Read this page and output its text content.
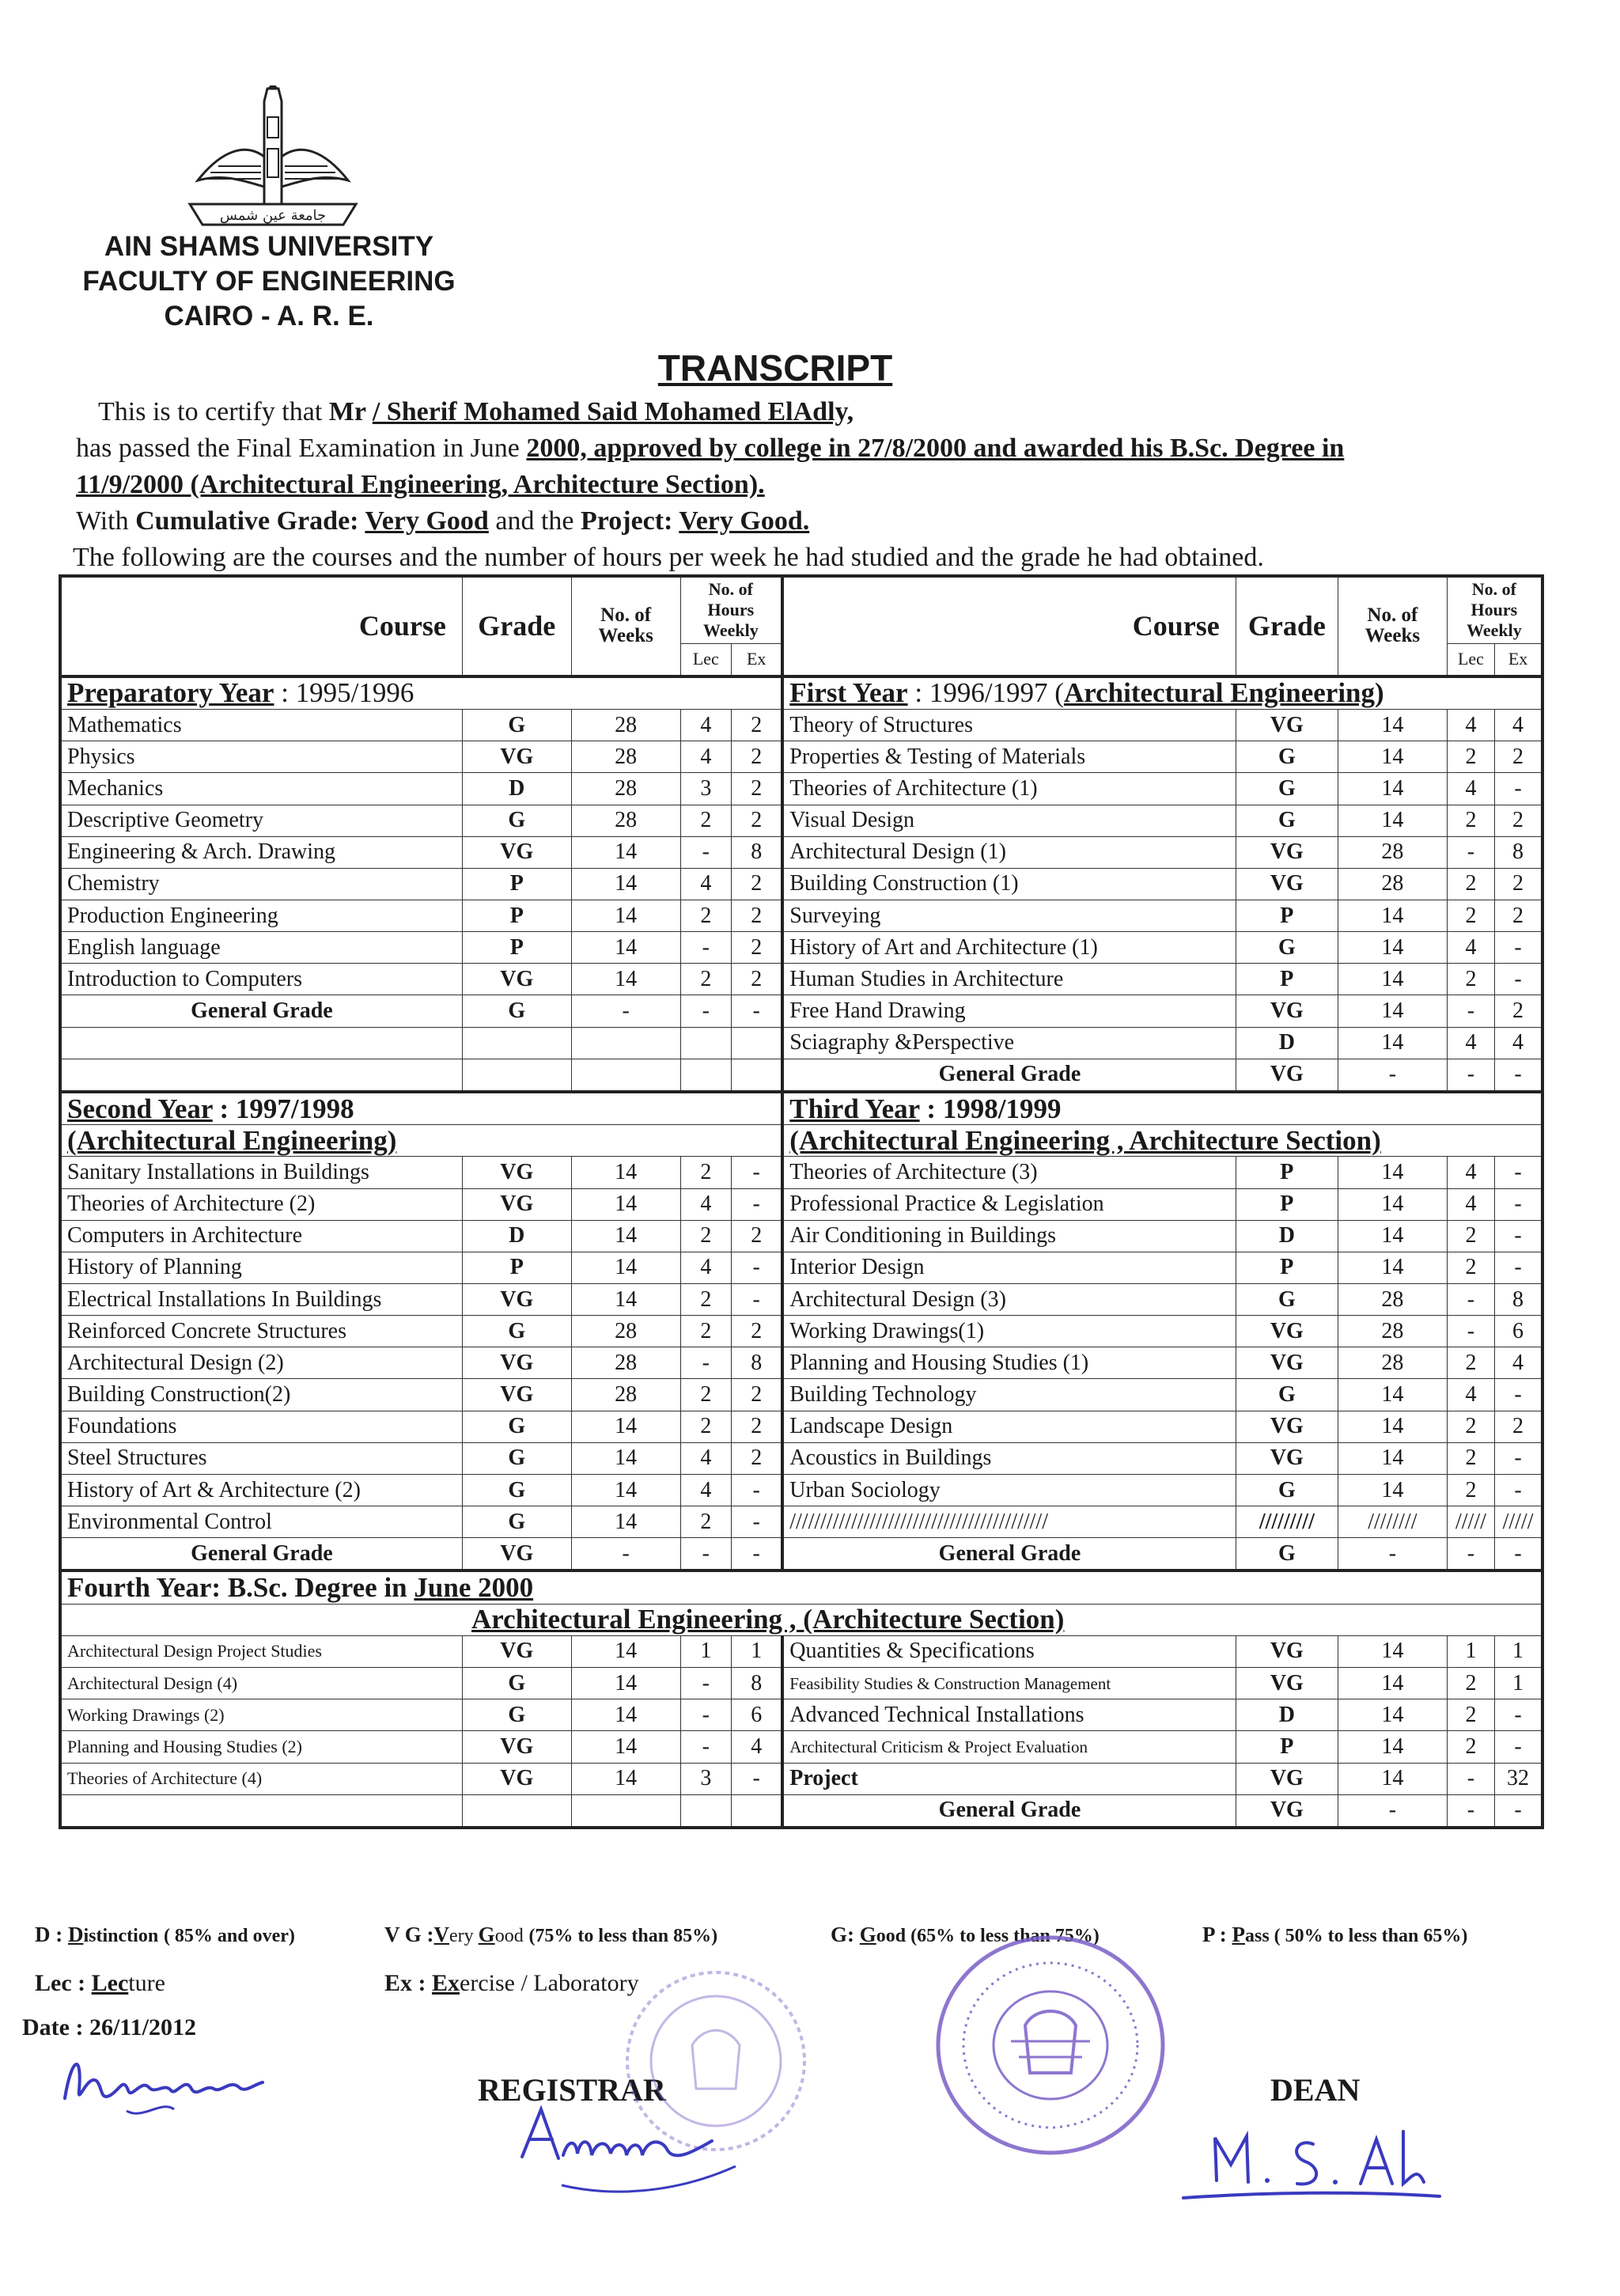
جامعة عين شمس
AIN SHAMS UNIVERSITY
FACULTY OF ENGINEERING
CAIRO - A. R. E.
TRANSCRIPT
This is to certify that Mr / Sherif Mohamed Said Mohamed ElAdly,
has passed the Final Examination in June 2000, approved by college in 27/8/2000 and awarded his B.Sc. Degree in
11/9/2000 (Architectural Engineering, Architecture Section).
With Cumulative Grade: Very Good and the Project: Very Good.
The following are the courses and the number of hours per week he had studied and the grade he had obtained.
Course	Grade	No. of Weeks	No. of Hours Weekly		Course	Grade	No. of Weeks	No. of Hours Weekly	
			Lec	Ex				Lec	Ex
Preparatory Year : 1995/1996					First Year : 1996/1997 (Architectural Engineering)				
Mathematics	G	28	4	2	Theory of Structures	VG	14	4	4
Physics	VG	28	4	2	Properties & Testing of Materials	G	14	2	2
Mechanics	D	28	3	2	Theories of Architecture (1)	G	14	4	-
Descriptive Geometry	G	28	2	2	Visual Design	G	14	2	2
Engineering & Arch. Drawing	VG	14	-	8	Architectural Design (1)	VG	28	-	8
Chemistry	P	14	4	2	Building Construction (1)	VG	28	2	2
Production Engineering	P	14	2	2	Surveying	P	14	2	2
English language	P	14	-	2	History of Art and Architecture (1)	G	14	4	-
Introduction to Computers	VG	14	2	2	Human Studies in Architecture	P	14	2	-
General Grade	G	-	-	-	Free Hand Drawing	VG	14	-	2
					Sciagraphy &Perspective	D	14	4	4
					General Grade	VG	-	-	-
Second Year : 1997/1998					Third Year : 1998/1999				
(Architectural Engineering)					(Architectural Engineering , Architecture Section)				
Sanitary Installations in Buildings	VG	14	2	-	Theories of Architecture (3)	P	14	4	-
Theories of Architecture (2)	VG	14	4	-	Professional Practice & Legislation	P	14	4	-
Computers in Architecture	D	14	2	2	Air Conditioning in Buildings	D	14	2	-
History of Planning	P	14	4	-	Interior Design	P	14	2	-
Electrical Installations In Buildings	VG	14	2	-	Architectural Design (3)	G	28	-	8
Reinforced Concrete Structures	G	28	2	2	Working Drawings(1)	VG	28	-	6
Architectural Design (2)	VG	28	-	8	Planning and Housing Studies (1)	VG	28	2	4
Building Construction(2)	VG	28	2	2	Building Technology	G	14	4	-
Foundations	G	14	2	2	Landscape Design	VG	14	2	2
Steel Structures	G	14	4	2	Acoustics in Buildings	VG	14	2	-
History of Art & Architecture (2)	G	14	4	-	Urban Sociology	G	14	2	-
Environmental Control	G	14	2	-	//////////////////////////////////////////	/////////	////////	/////	/////
General Grade	VG	-	-	-	General Grade	G	-	-	-
Fourth Year: B.Sc. Degree in June 2000									
Architectural Engineering , (Architecture Section)									
Architectural Design Project Studies	VG	14	1	1	Quantities & Specifications	VG	14	1	1
Architectural Design (4)	G	14	-	8	Feasibility Studies & Construction Management	VG	14	2	1
Working Drawings (2)	G	14	-	6	Advanced Technical Installations	D	14	2	-
Planning and Housing Studies (2)	VG	14	-	4	Architectural Criticism & Project Evaluation	P	14	2	-
Theories of Architecture (4)	VG	14	3	-	Project	VG	14	-	32
					General Grade	VG	-	-	-
D : Distinction ( 85% and over)	V G :Very Good (75% to less than 85%)	G: Good (65% to less than 75%)	P : Pass ( 50% to less than 65%)
Lec : Lecture	Ex : Exercise / Laboratory
Date : 26/11/2012
REGISTRAR	DEAN
